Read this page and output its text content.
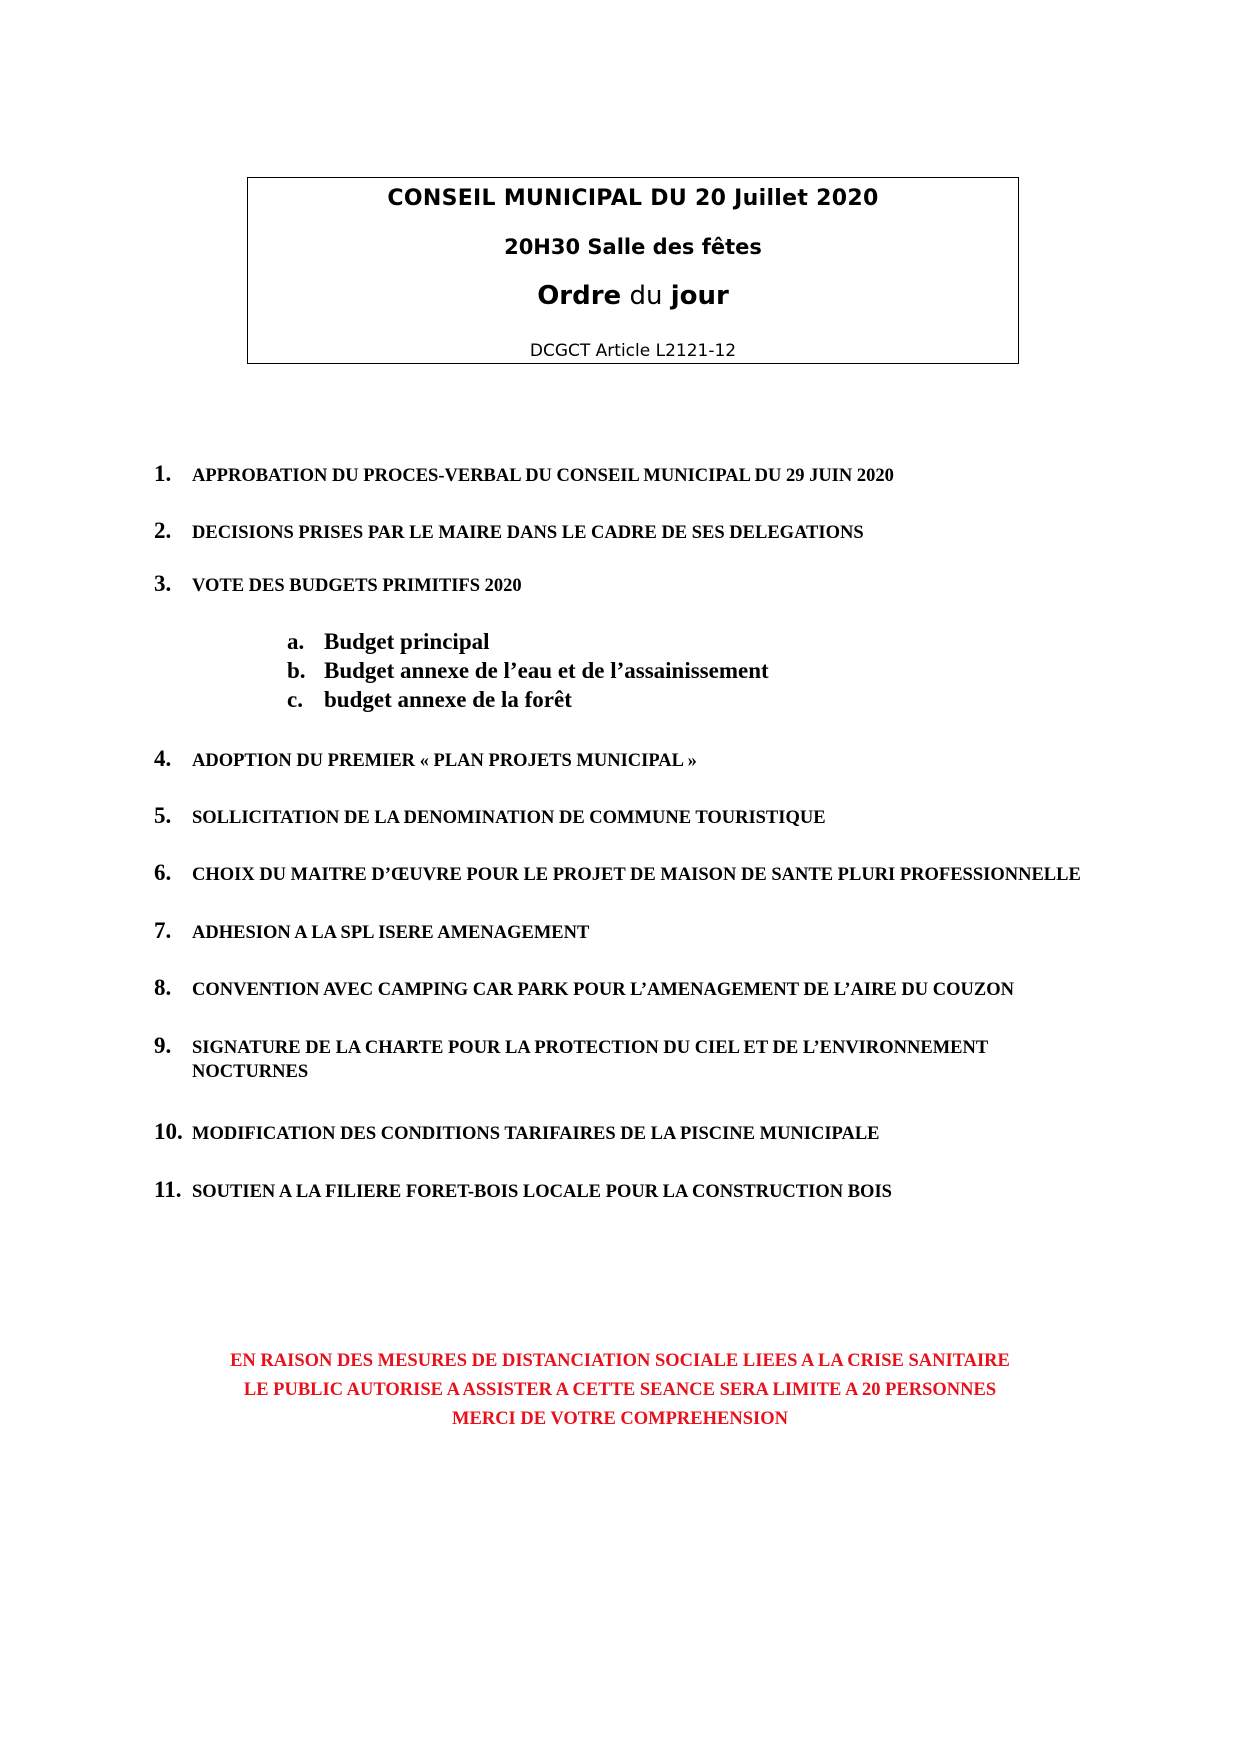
CONSEIL MUNICIPAL DU 20 Juillet 2020
20H30 Salle des fêtes
Ordre du jour
DCGCT Article L2121-12
1. APPROBATION DU PROCES-VERBAL DU CONSEIL MUNICIPAL DU 29 JUIN 2020
2. DECISIONS PRISES PAR LE MAIRE DANS LE CADRE DE SES DELEGATIONS
3. VOTE DES BUDGETS PRIMITIFS 2020
a. Budget principal
b. Budget annexe de l’eau et de l’assainissement
c. budget annexe de la forêt
4. ADOPTION DU PREMIER « PLAN PROJETS MUNICIPAL »
5. SOLLICITATION DE LA DENOMINATION DE COMMUNE TOURISTIQUE
6. CHOIX DU MAITRE D’ŒUVRE POUR LE PROJET DE MAISON DE SANTE PLURI PROFESSIONNELLE
7. ADHESION A LA SPL ISERE AMENAGEMENT
8. CONVENTION AVEC CAMPING CAR PARK POUR L’AMENAGEMENT DE L’AIRE DU COUZON
9. SIGNATURE DE LA CHARTE POUR LA PROTECTION DU CIEL ET DE L’ENVIRONNEMENT
NOCTURNES
10. MODIFICATION DES CONDITIONS TARIFAIRES DE LA PISCINE MUNICIPALE
11. SOUTIEN A LA FILIERE FORET-BOIS LOCALE POUR LA CONSTRUCTION BOIS
EN RAISON DES MESURES DE DISTANCIATION SOCIALE LIEES A LA CRISE SANITAIRE
LE PUBLIC AUTORISE A ASSISTER A CETTE SEANCE SERA LIMITE A 20 PERSONNES
MERCI DE VOTRE COMPREHENSION
